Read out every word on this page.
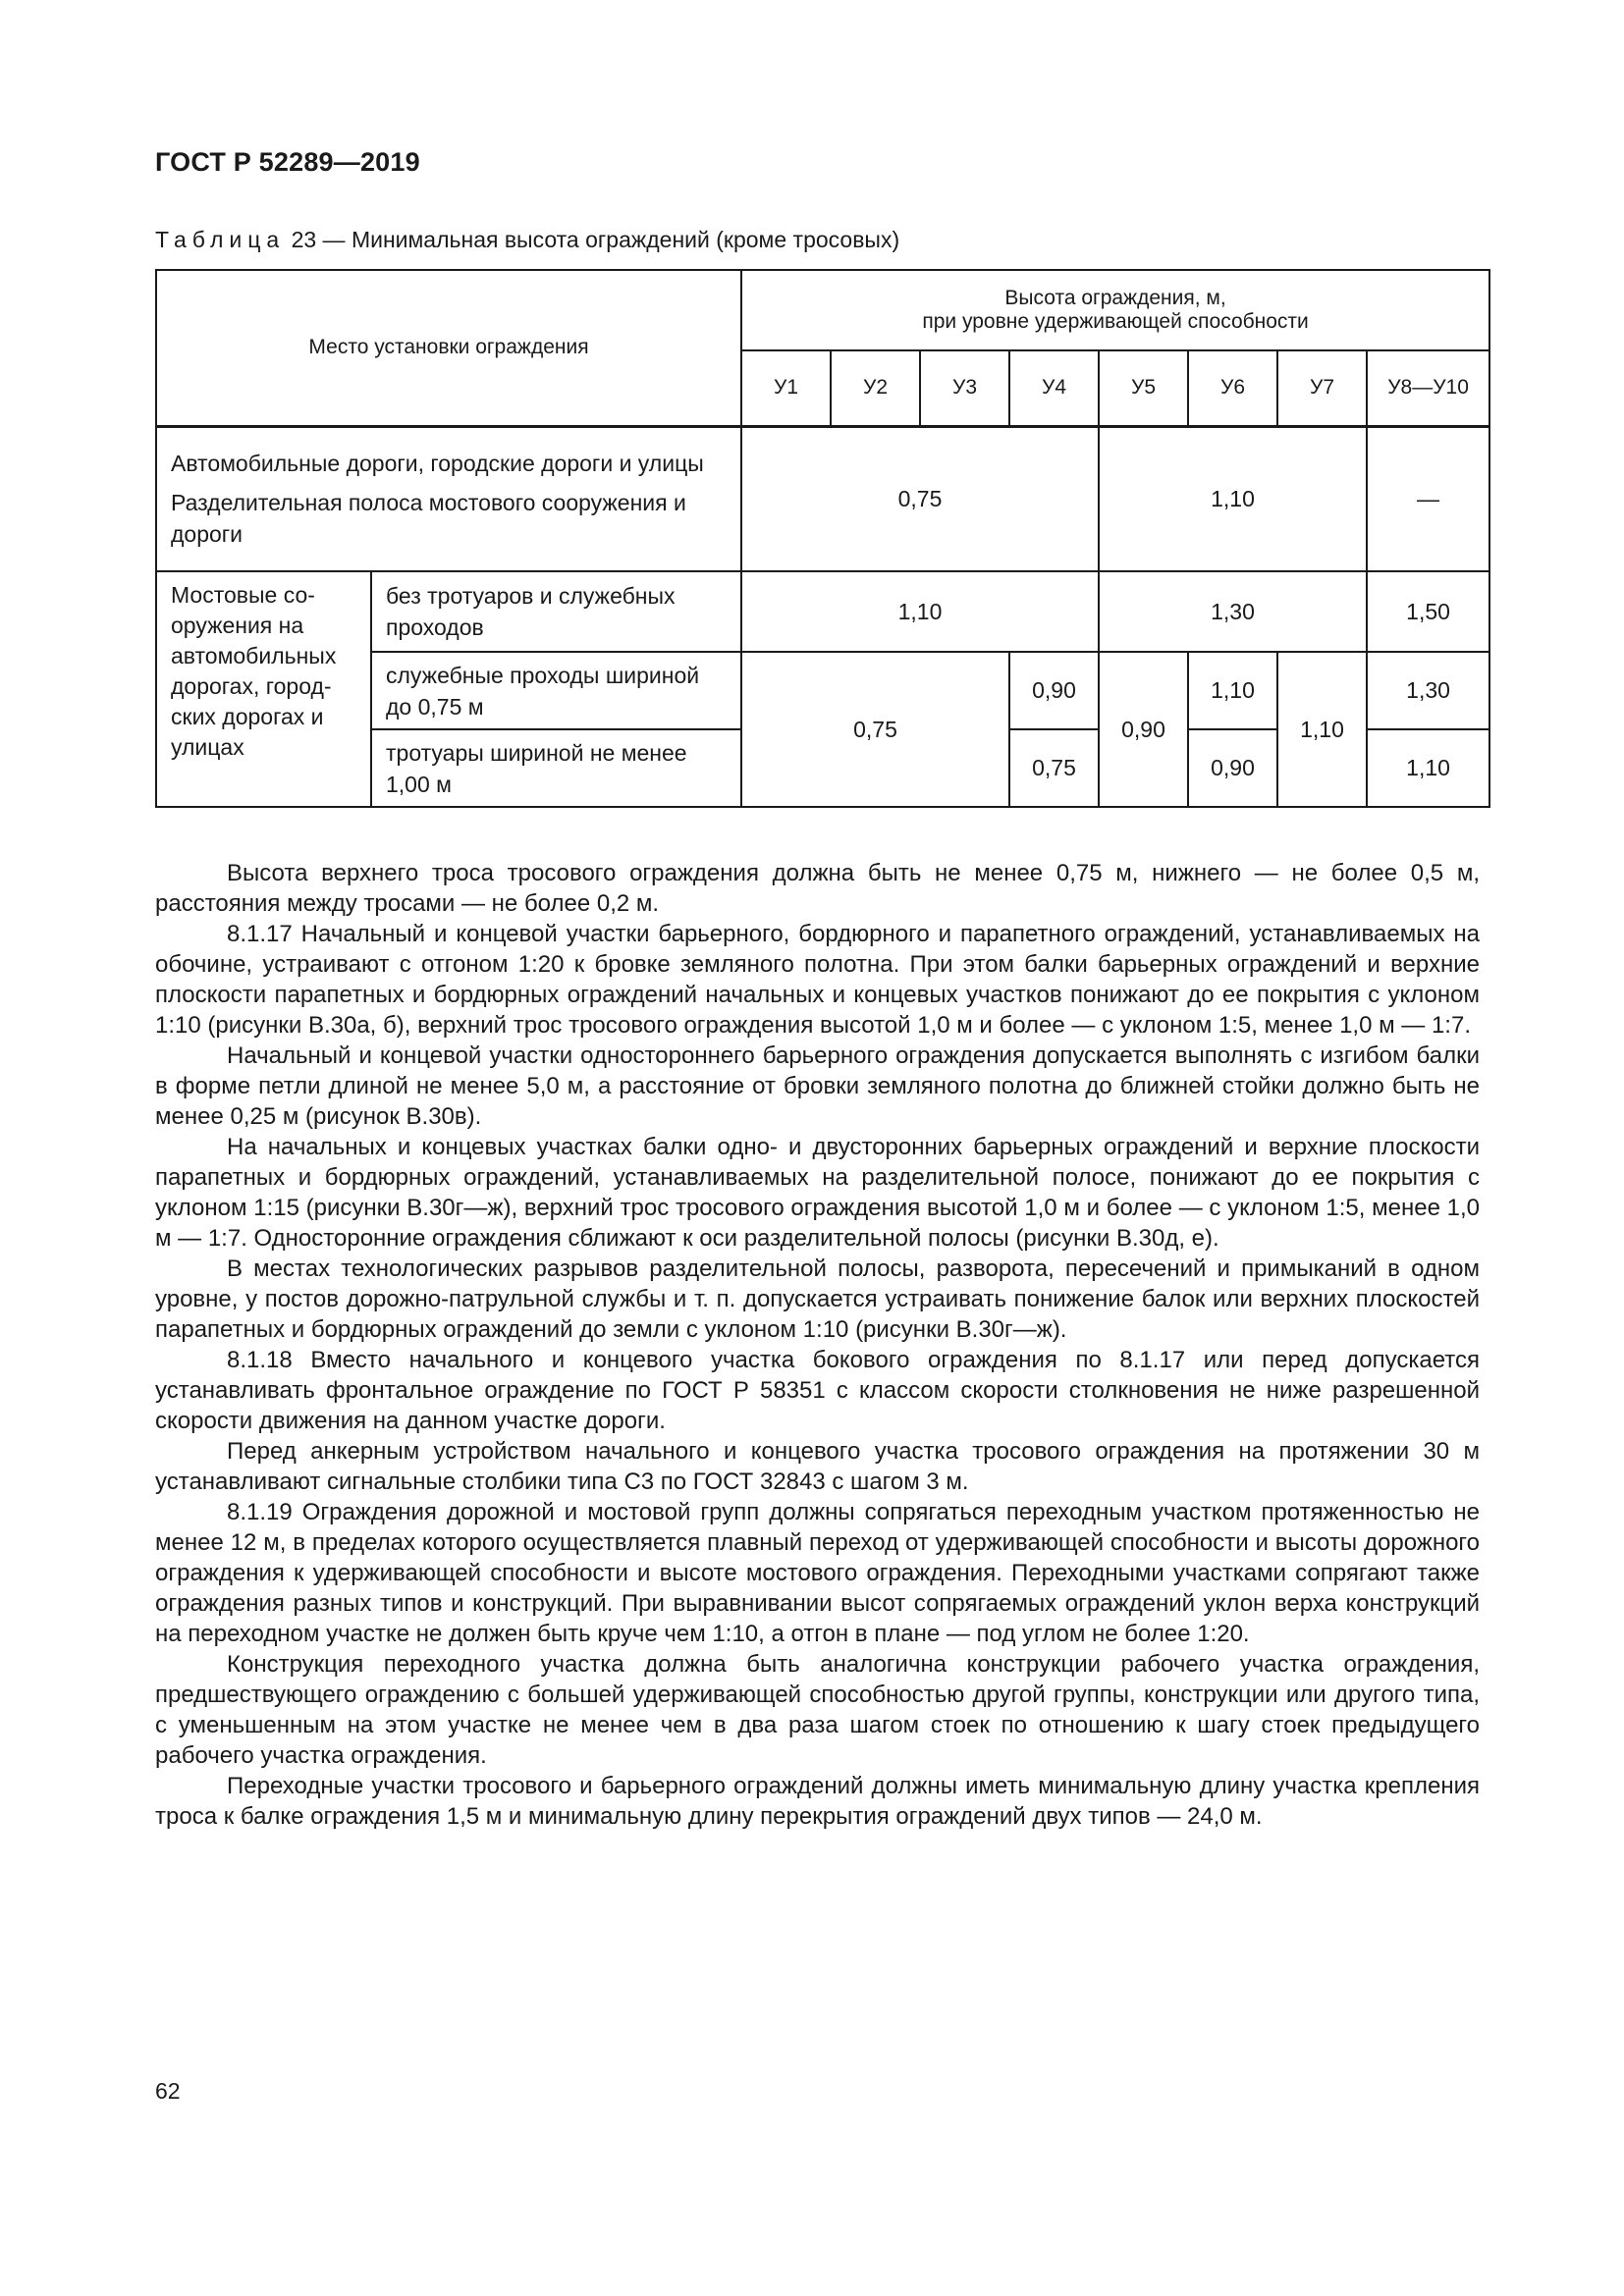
ГОСТ Р 52289—2019
Таблица 23 — Минимальная высота ограждений (кроме тросовых)
Место установки ограждения		Высота ограждения, м,
при уровне удерживающей способности							

		У1	У2	У3	У4	У5	У6	У7	У8—У10

Автомобильные дороги, городские дороги и улицы
Разделительная полоса мостового сооружения и дороги		0,75				1,10			—
Мостовые со-оружения на автомобильных дорогах, город-ских дорогах и улицах	без тротуаров и служебных проходов	1,10				1,30			1,50
	служебные проходы шириной до 0,75 м	0,75			0,90	0,90	1,10	1,10	1,30
	тротуары шириной не менее 1,00 м				0,75		0,90		1,10

Высота верхнего троса тросового ограждения должна быть не менее 0,75 м, нижнего — не более 0,5 м, расстояния между тросами — не более 0,2 м.

8.1.17 Начальный и концевой участки барьерного, бордюрного и парапетного ограждений, устанавливаемых на обочине, устраивают с отгоном 1:20 к бровке земляного полотна. При этом балки барьерных ограждений и верхние плоскости парапетных и бордюрных ограждений начальных и концевых участков понижают до ее покрытия с уклоном 1:10 (рисунки В.30а, б), верхний трос тросового ограждения высотой 1,0 м и более — с уклоном 1:5, менее 1,0 м — 1:7.

Начальный и концевой участки одностороннего барьерного ограждения допускается выполнять с изгибом балки в форме петли длиной не менее 5,0 м, а расстояние от бровки земляного полотна до ближней стойки должно быть не менее 0,25 м (рисунок В.30в).

На начальных и концевых участках балки одно- и двусторонних барьерных ограждений и верхние плоскости парапетных и бордюрных ограждений, устанавливаемых на разделительной полосе, понижают до ее покрытия с уклоном 1:15 (рисунки В.30г—ж), верхний трос тросового ограждения высотой 1,0 м и более — с уклоном 1:5, менее 1,0 м — 1:7. Односторонние ограждения сближают к оси разделительной полосы (рисунки В.30д, е).

В местах технологических разрывов разделительной полосы, разворота, пересечений и примыканий в одном уровне, у постов дорожно-патрульной службы и т. п. допускается устраивать понижение балок или верхних плоскостей парапетных и бордюрных ограждений до земли с уклоном 1:10 (рисунки В.30г—ж).

8.1.18 Вместо начального и концевого участка бокового ограждения по 8.1.17 или перед допускается устанавливать фронтальное ограждение по ГОСТ Р 58351 с классом скорости столкновения не ниже разрешенной скорости движения на данном участке дороги.

Перед анкерным устройством начального и концевого участка тросового ограждения на протяжении 30 м устанавливают сигнальные столбики типа С3 по ГОСТ 32843 с шагом 3 м.

8.1.19 Ограждения дорожной и мостовой групп должны сопрягаться переходным участком протяженностью не менее 12 м, в пределах которого осуществляется плавный переход от удерживающей способности и высоты дорожного ограждения к удерживающей способности и высоте мостового ограждения. Переходными участками сопрягают также ограждения разных типов и конструкций. При выравнивании высот сопрягаемых ограждений уклон верха конструкций на переходном участке не должен быть круче чем 1:10, а отгон в плане — под углом не более 1:20.

Конструкция переходного участка должна быть аналогична конструкции рабочего участка ограждения, предшествующего ограждению с большей удерживающей способностью другой группы, конструкции или другого типа, с уменьшенным на этом участке не менее чем в два раза шагом стоек по отношению к шагу стоек предыдущего рабочего участка ограждения.

Переходные участки тросового и барьерного ограждений должны иметь минимальную длину участка крепления троса к балке ограждения 1,5 м и минимальную длину перекрытия ограждений двух типов — 24,0 м.

62
